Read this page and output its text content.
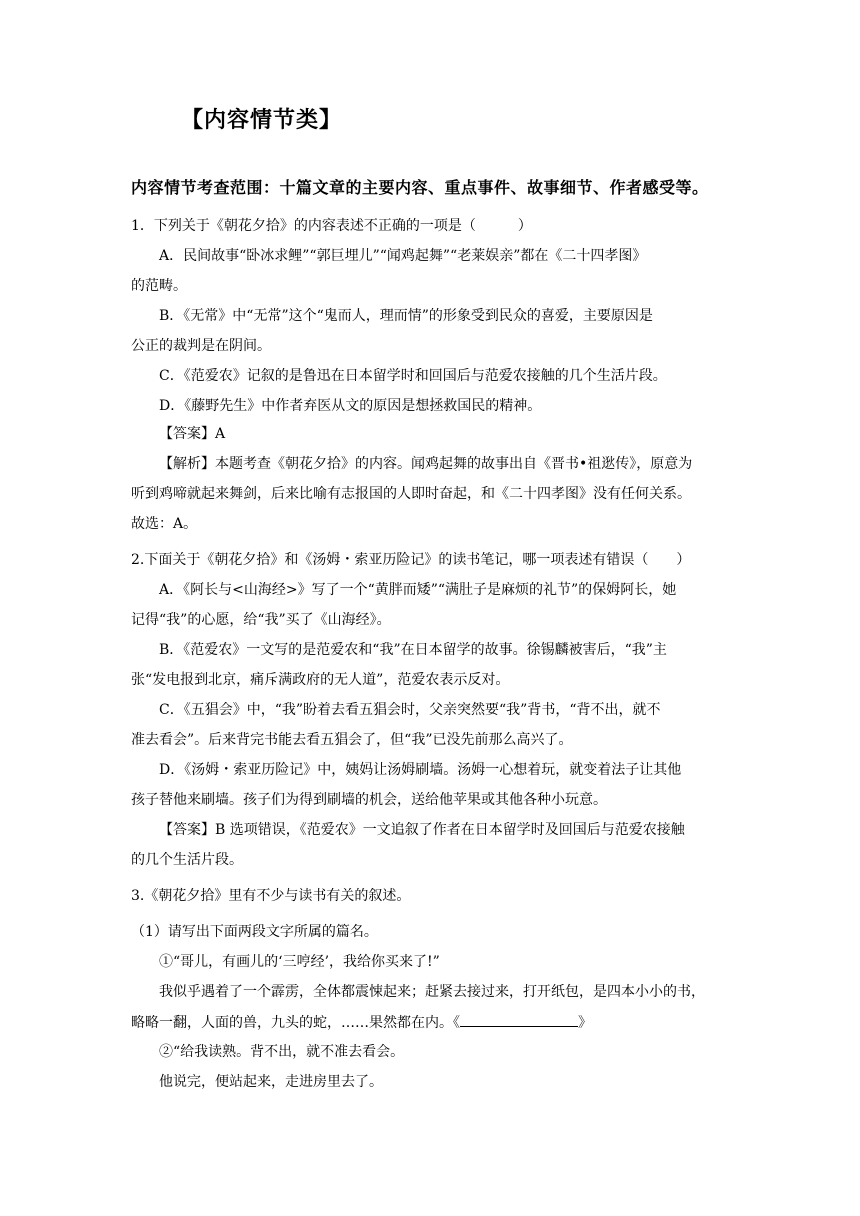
【内容情节类】
内容情节考查范围：十篇文章的主要内容、重点事件、故事细节、作者感受等。
1．下列关于《朝花夕拾》的内容表述不正确的一项是（　　　）
A．民间故事“卧冰求鲤”“郭巨埋儿”“闻鸡起舞”“老莱娱亲”都在《二十四孝图》
的范畴。
B．《无常》中“无常”这个“鬼而人，理而情”的形象受到民众的喜爱，主要原因是
公正的裁判是在阴间。
C．《范爱农》记叙的是鲁迅在日本留学时和回国后与范爱农接触的几个生活片段。
D．《藤野先生》中作者弃医从文的原因是想拯救国民的精神。
【答案】A
【解析】本题考查《朝花夕拾》的内容。闻鸡起舞的故事出自《晋书•祖逖传》，原意为
听到鸡啼就起来舞剑，后来比喻有志报国的人即时奋起，和《二十四孝图》没有任何关系。
故选：A。
2.下面关于《朝花夕拾》和《汤姆・索亚历险记》的读书笔记，哪一项表述有错误（　　）
A．《阿长与<山海经>》写了一个“黄胖而矮”“满肚子是麻烦的礼节”的保姆阿长，她
记得“我”的心愿，给“我”买了《山海经》。
B．《范爱农》一文写的是范爱农和“我”在日本留学的故事。徐锡麟被害后，“我”主
张“发电报到北京，痛斥满政府的无人道”，范爱农表示反对。
C．《五猖会》中，“我”盼着去看五猖会时，父亲突然要“我”背书，“背不出，就不
准去看会”。后来背完书能去看五猖会了，但“我”已没先前那么高兴了。
D．《汤姆・索亚历险记》中，姨妈让汤姆刷墙。汤姆一心想着玩，就变着法子让其他
孩子替他来刷墙。孩子们为得到刷墙的机会，送给他苹果或其他各种小玩意。
【答案】B 选项错误，《范爱农》一文追叙了作者在日本留学时及回国后与范爱农接触
的几个生活片段。
3.《朝花夕拾》里有不少与读书有关的叙述。
（1）请写出下面两段文字所属的篇名。
①“哥儿，有画儿的‘三哼经’，我给你买来了!”
我似乎遇着了一个霹雳，全体都震悚起来；赶紧去接过来，打开纸包，是四本小小的书，
略略一翻，人面的兽，九头的蛇，……果然都在内。《	》
②“给我读熟。背不出，就不准去看会。
他说完，便站起来，走进房里去了。
